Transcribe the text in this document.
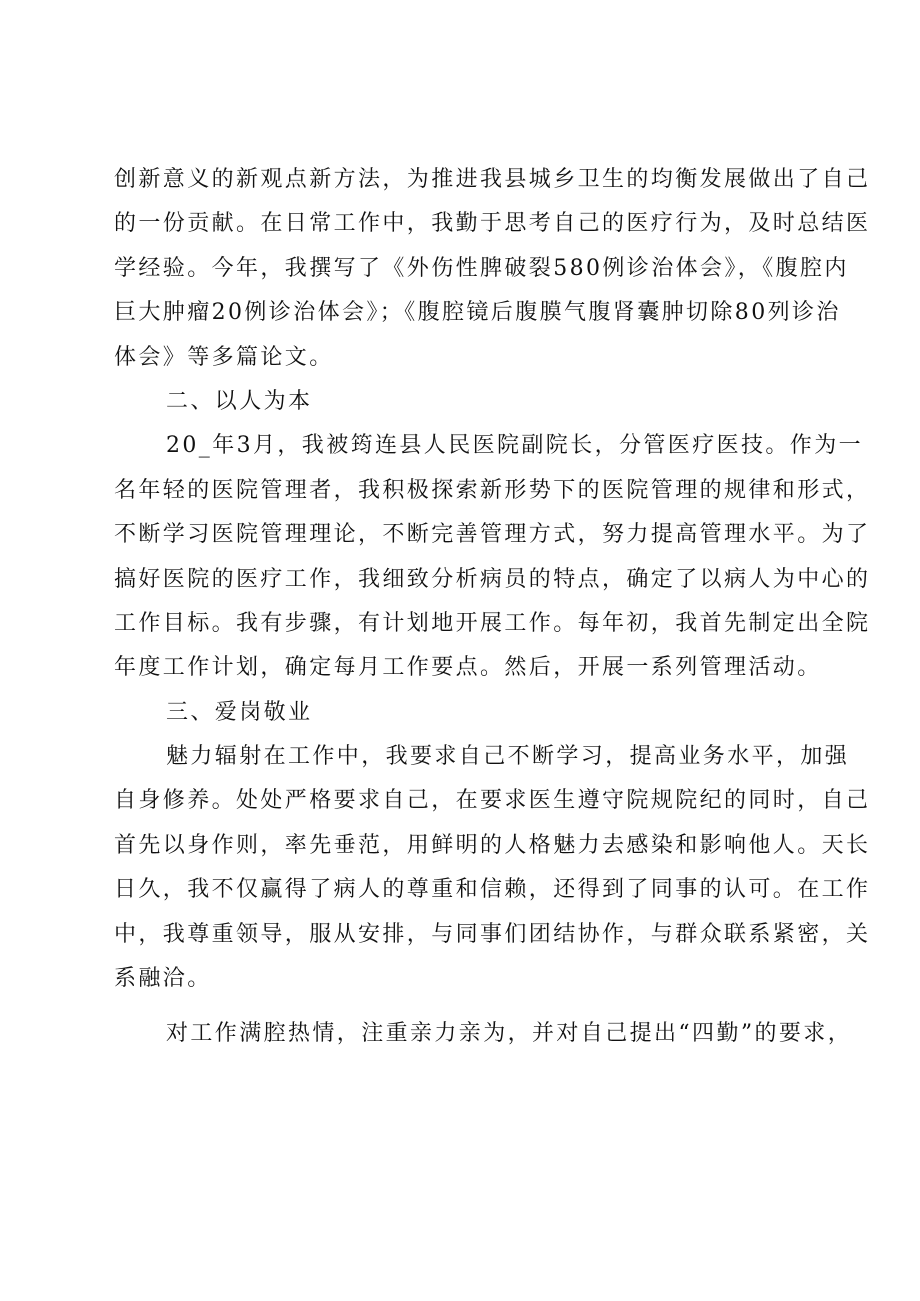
创新意义的新观点新方法，为推进我县城乡卫生的均衡发展做出了自己
的一份贡献。在日常工作中，我勤于思考自己的医疗行为，及时总结医
学经验。今年，我撰写了《外伤性脾破裂580例诊治体会》，《腹腔内
巨大肿瘤20例诊治体会》；《腹腔镜后腹膜气腹肾囊肿切除80列诊治
体会》等多篇论文。
二、以人为本
20_年3月，我被筠连县人民医院副院长，分管医疗医技。作为一
名年轻的医院管理者，我积极探索新形势下的医院管理的规律和形式，
不断学习医院管理理论，不断完善管理方式，努力提高管理水平。为了
搞好医院的医疗工作，我细致分析病员的特点，确定了以病人为中心的
工作目标。我有步骤，有计划地开展工作。每年初，我首先制定出全院
年度工作计划，确定每月工作要点。然后，开展一系列管理活动。
三、爱岗敬业
魅力辐射在工作中，我要求自己不断学习，提高业务水平，加强
自身修养。处处严格要求自己，在要求医生遵守院规院纪的同时，自己
首先以身作则，率先垂范，用鲜明的人格魅力去感染和影响他人。天长
日久，我不仅赢得了病人的尊重和信赖，还得到了同事的认可。在工作
中，我尊重领导，服从安排，与同事们团结协作，与群众联系紧密，关
系融洽。
对工作满腔热情，注重亲力亲为，并对自己提出“四勤”的要求，
